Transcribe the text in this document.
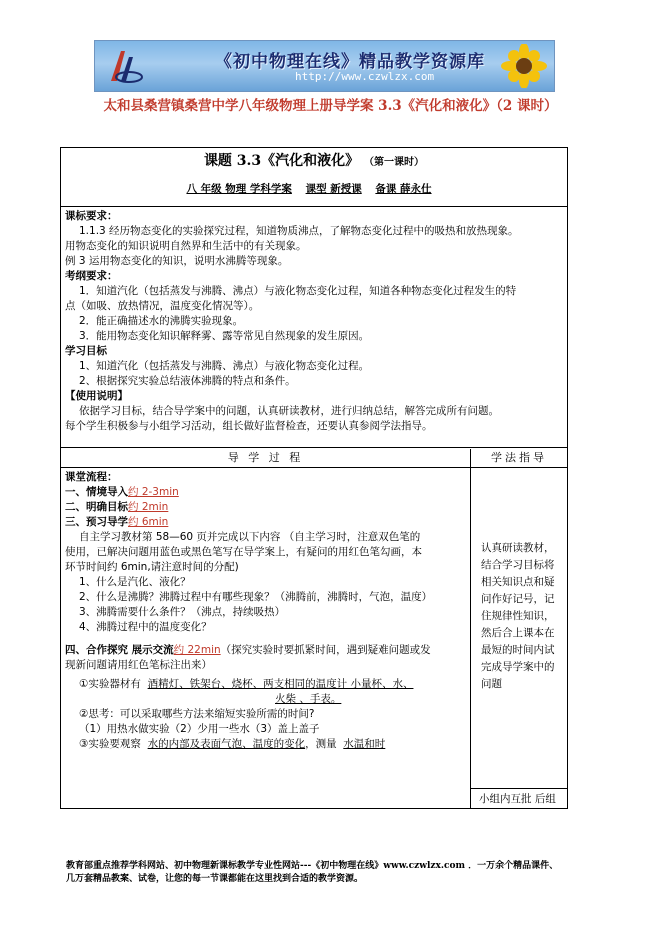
《初中物理在线》精品教学资源库
http://www.czwlzx.com
太和县桑营镇桑营中学八年级物理上册导学案 3.3《汽化和液化》（2 课时）
课题 3.3《汽化和液化》 （第一课时）
八 年级 物理 学科学案 课型 新授课 备课 薛永仕

课标要求：

1.1.3 经历物态变化的实验探究过程，知道物质沸点，了解物态变化过程中的吸热和放热现象。

用物态变化的知识说明自然界和生活中的有关现象。

例 3 运用物态变化的知识，说明水沸腾等现象。

考纲要求：

1．知道汽化（包括蒸发与沸腾、沸点）与液化物态变化过程，知道各种物态变化过程发生的特

点（如吸、放热情况，温度变化情况等）。

2．能正确描述水的沸腾实验现象。

3．能用物态变化知识解释雾、露等常见自然现象的发生原因。

学习目标

1、知道汽化（包括蒸发与沸腾、沸点）与液化物态变化过程。

2、根据探究实验总结液体沸腾的特点和条件。

【使用说明】

依据学习目标，结合导学案中的问题，认真研读教材，进行归纳总结，解答完成所有问题。

每个学生积极参与小组学习活动，组长做好监督检查，还要认真参阅学法指导。

导 学 过 程	学法指导

课堂流程：

一、情境导入约 2-3min

二、明确目标约 2min

三、预习导学约 6min

自主学习教材第 58—60 页并完成以下内容 （自主学习时，注意双色笔的

使用，已解决问题用蓝色或黑色笔写在导学案上，有疑问的用红色笔勾画，本

环节时间约 6min,请注意时间的分配)

1、什么是汽化、液化？

2、什么是沸腾？沸腾过程中有哪些现象？（沸腾前，沸腾时，气泡，温度）

3、沸腾需要什么条件？（沸点，持续吸热）

4、沸腾过程中的温度变化？

四、合作探究 展示交流约 22min（探究实验时要抓紧时间，遇到疑难问题或发

现新问题请用红色笔标注出来）

①实验器材有 酒精灯、铁架台、烧杯、两支相同的温度计 小量杯、水、

火柴 、手表。

②思考：可以采取哪些方法来缩短实验所需的时间?

（1）用热水做实验（2）少用一些水（3）盖上盖子

③实验要观察 水的内部及表面气泡、温度的变化，测量 水温和时

认真研读教材，结合学习目标将相关知识点和疑问作好记号，记住规律性知识，然后合上课本在最短的时间内试完成导学案中的问题
小组内互批 后组

教育部重点推荐学科网站、初中物理新课标教学专业性网站---《初中物理在线》www.czwlzx.com ．一万余个精品课件、

几万套精品教案、试卷，让您的每一节课都能在这里找到合适的教学资源。
